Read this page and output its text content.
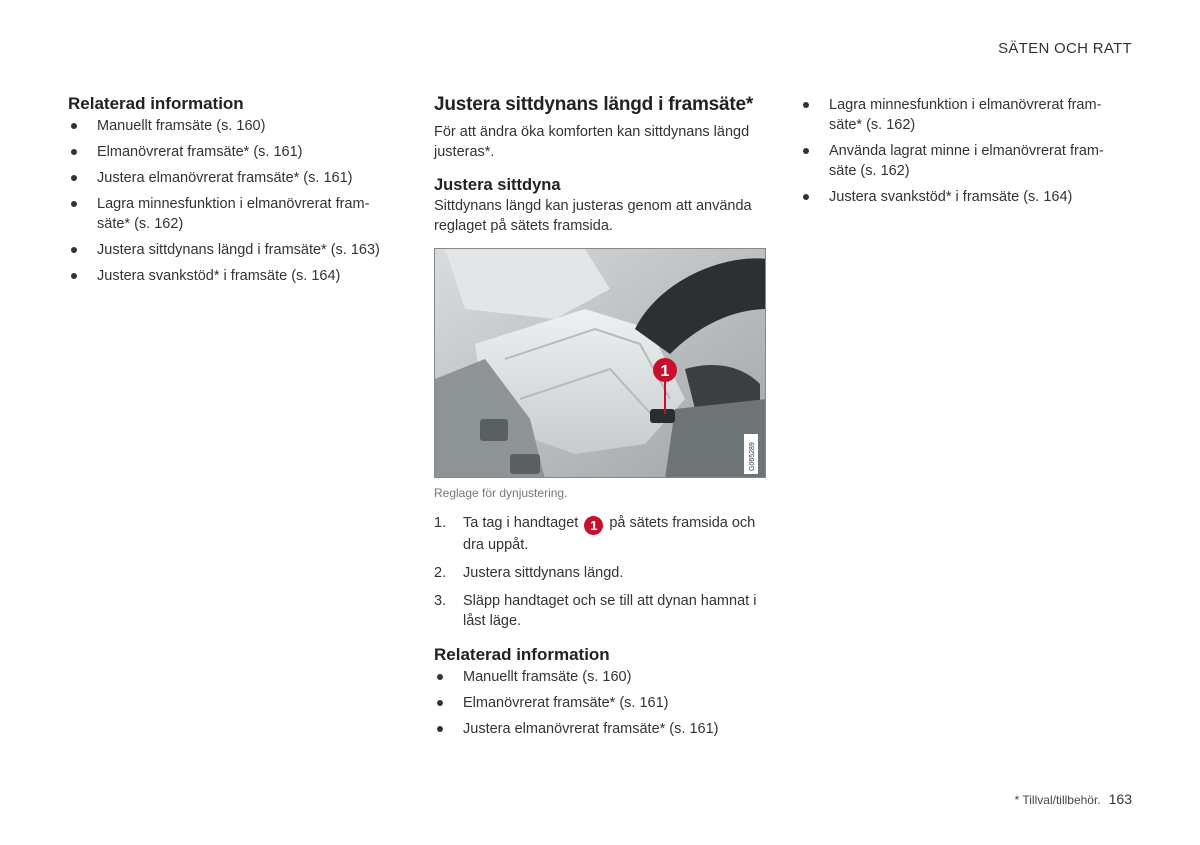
SÄTEN OCH RATT
Relaterad information
Manuellt framsäte (s. 160)
Elmanövrerat framsäte* (s. 161)
Justera elmanövrerat framsäte* (s. 161)
Lagra minnesfunktion i elmanövrerat fram-säte* (s. 162)
Justera sittdynans längd i framsäte* (s. 163)
Justera svankstöd* i framsäte (s. 164)
Justera sittdynans längd i framsäte*

För att ändra öka komforten kan sittdynans längd justeras*.

Justera sittdyna

Sittdynans längd kan justeras genom att använda reglaget på sätets framsida.

1
G065289
Reglage för dynjustering.
1. Ta tag i handtaget 1 på sätets framsida och dra uppåt.
2. Justera sittdynans längd.
3. Släpp handtaget och se till att dynan hamnat i låst läge.
Relaterad information
Manuellt framsäte (s. 160)
Elmanövrerat framsäte* (s. 161)
Justera elmanövrerat framsäte* (s. 161)
Lagra minnesfunktion i elmanövrerat fram-säte* (s. 162)
Använda lagrat minne i elmanövrerat fram-säte (s. 162)
Justera svankstöd* i framsäte (s. 164)
* Tillval/tillbehör. 163
